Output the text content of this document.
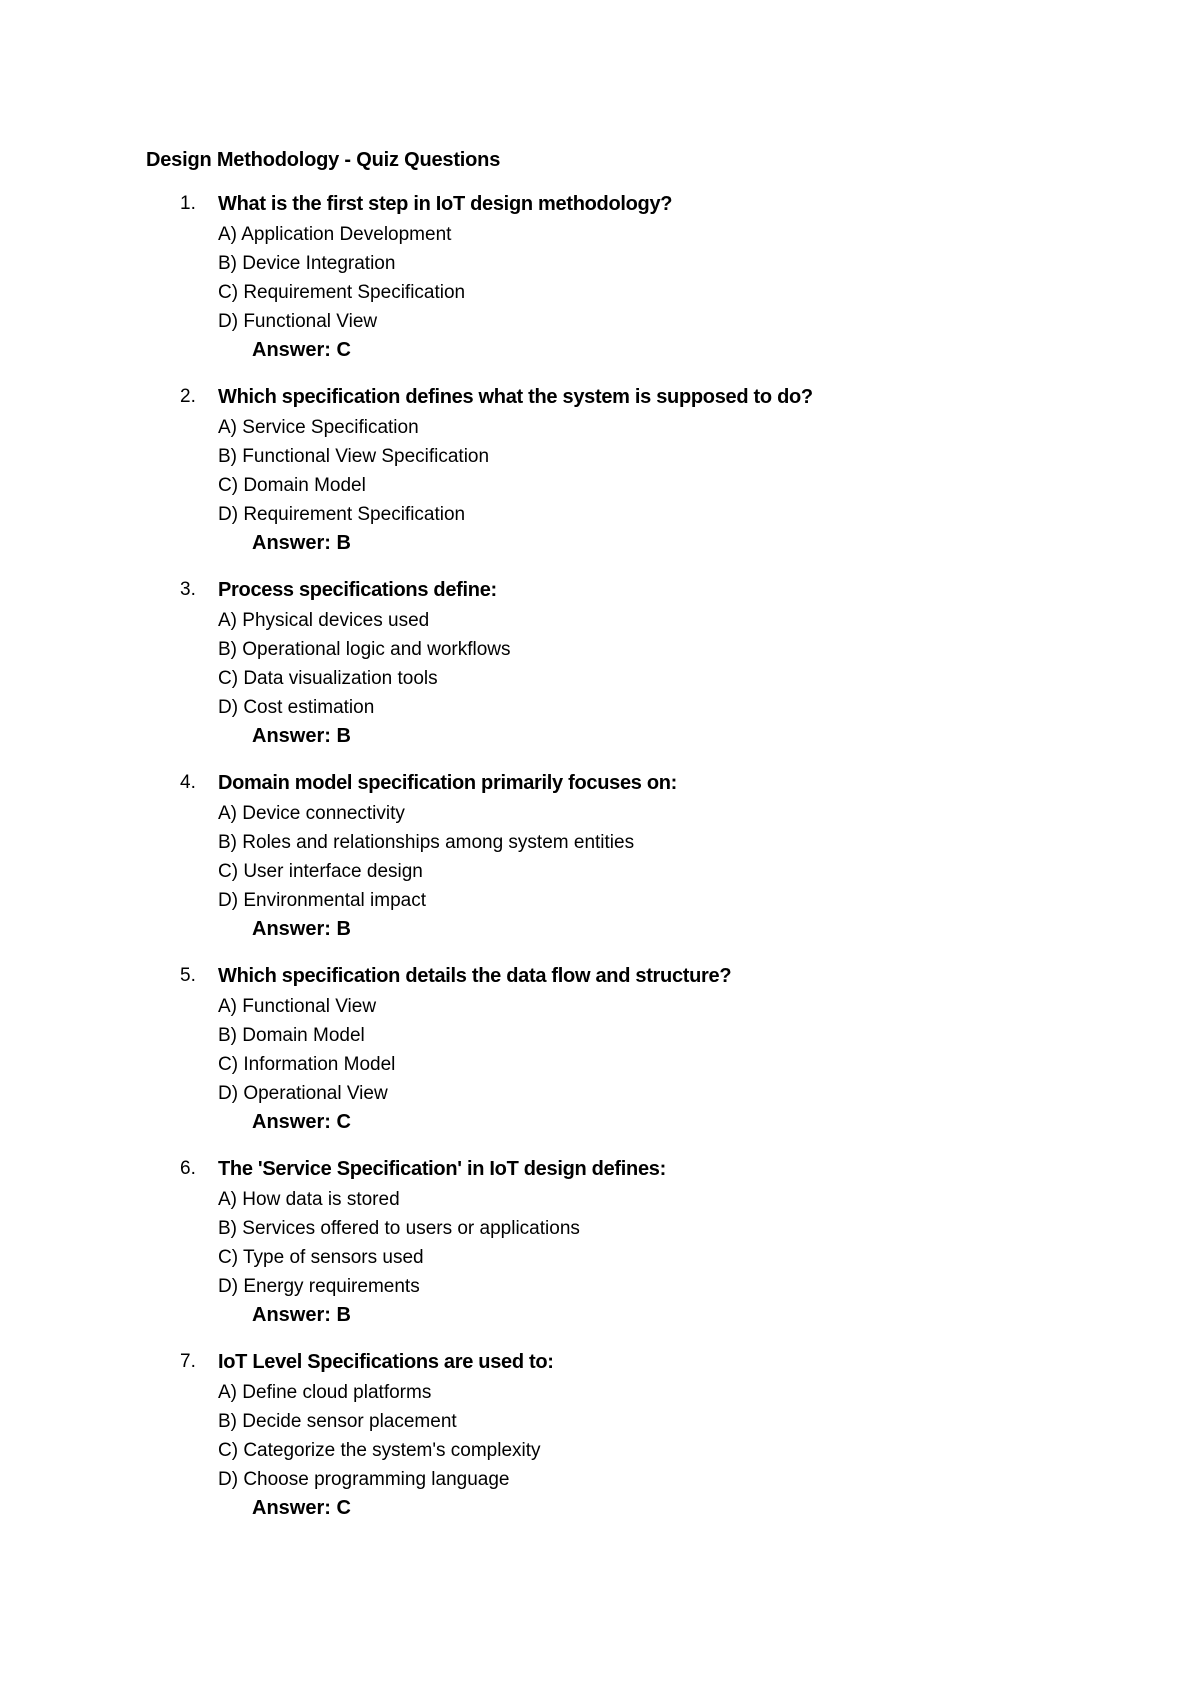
Design Methodology - Quiz Questions
1. What is the first step in IoT design methodology?
A) Application Development
B) Device Integration
C) Requirement Specification
D) Functional View
Answer: C
2. Which specification defines what the system is supposed to do?
A) Service Specification
B) Functional View Specification
C) Domain Model
D) Requirement Specification
Answer: B
3. Process specifications define:
A) Physical devices used
B) Operational logic and workflows
C) Data visualization tools
D) Cost estimation
Answer: B
4. Domain model specification primarily focuses on:
A) Device connectivity
B) Roles and relationships among system entities
C) User interface design
D) Environmental impact
Answer: B
5. Which specification details the data flow and structure?
A) Functional View
B) Domain Model
C) Information Model
D) Operational View
Answer: C
6. The 'Service Specification' in IoT design defines:
A) How data is stored
B) Services offered to users or applications
C) Type of sensors used
D) Energy requirements
Answer: B
7. IoT Level Specifications are used to:
A) Define cloud platforms
B) Decide sensor placement
C) Categorize the system's complexity
D) Choose programming language
Answer: C
